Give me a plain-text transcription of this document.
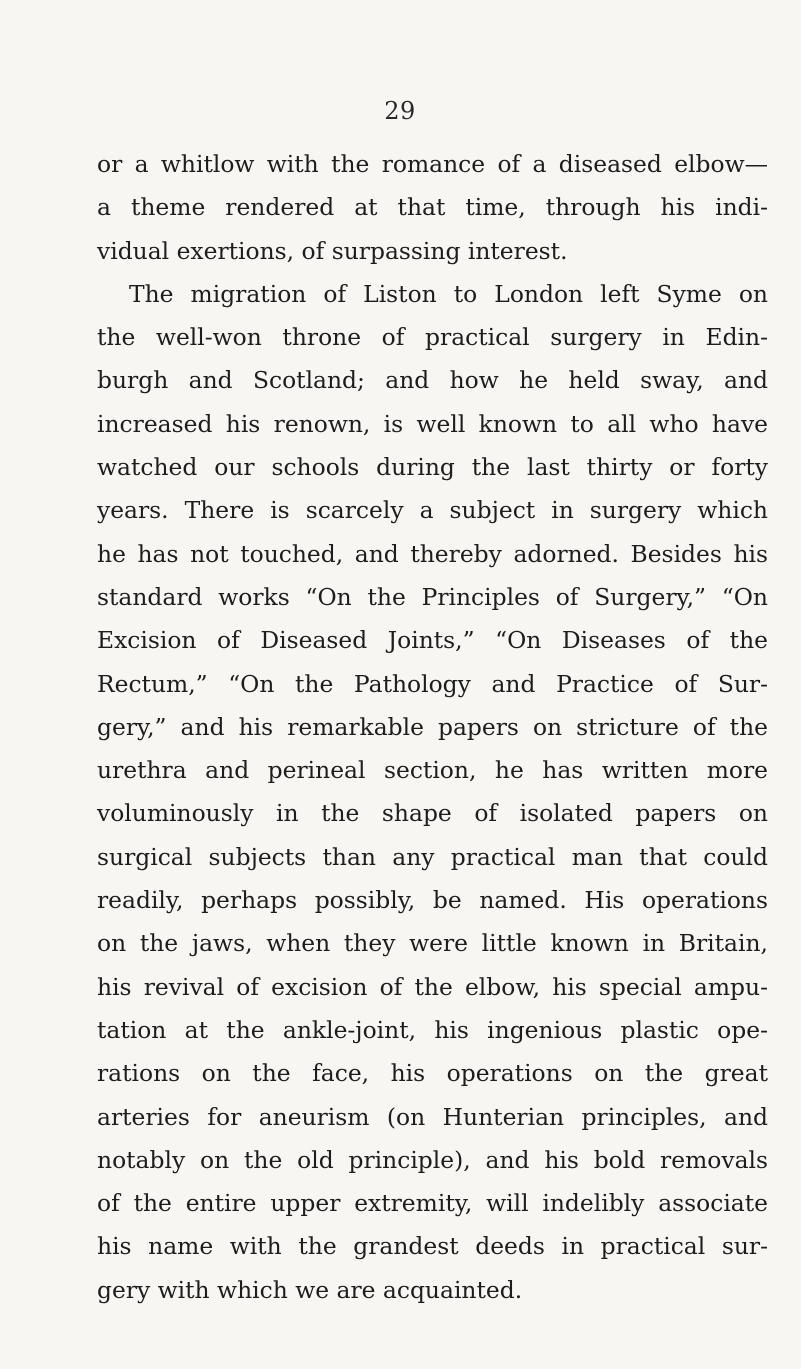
29
or a whitlow with the romance of a diseased elbow—
a theme rendered at that time, through his indi-
vidual exertions, of surpassing interest.
The migration of Liston to London left Syme on
the well-won throne of practical surgery in Edin-
burgh and Scotland; and how he held sway, and
increased his renown, is well known to all who have
watched our schools during the last thirty or forty
years. There is scarcely a subject in surgery which
he has not touched, and thereby adorned. Besides his
standard works “On the Principles of Surgery,” “On
Excision of Diseased Joints,” “On Diseases of the
Rectum,” “On the Pathology and Practice of Sur-
gery,” and his remarkable papers on stricture of the
urethra and perineal section, he has written more
voluminously in the shape of isolated papers on
surgical subjects than any practical man that could
readily, perhaps possibly, be named. His operations
on the jaws, when they were little known in Britain,
his revival of excision of the elbow, his special ampu-
tation at the ankle-joint, his ingenious plastic ope-
rations on the face, his operations on the great
arteries for aneurism (on Hunterian principles, and
notably on the old principle), and his bold removals
of the entire upper extremity, will indelibly associate
his name with the grandest deeds in practical sur-
gery with which we are acquainted.
